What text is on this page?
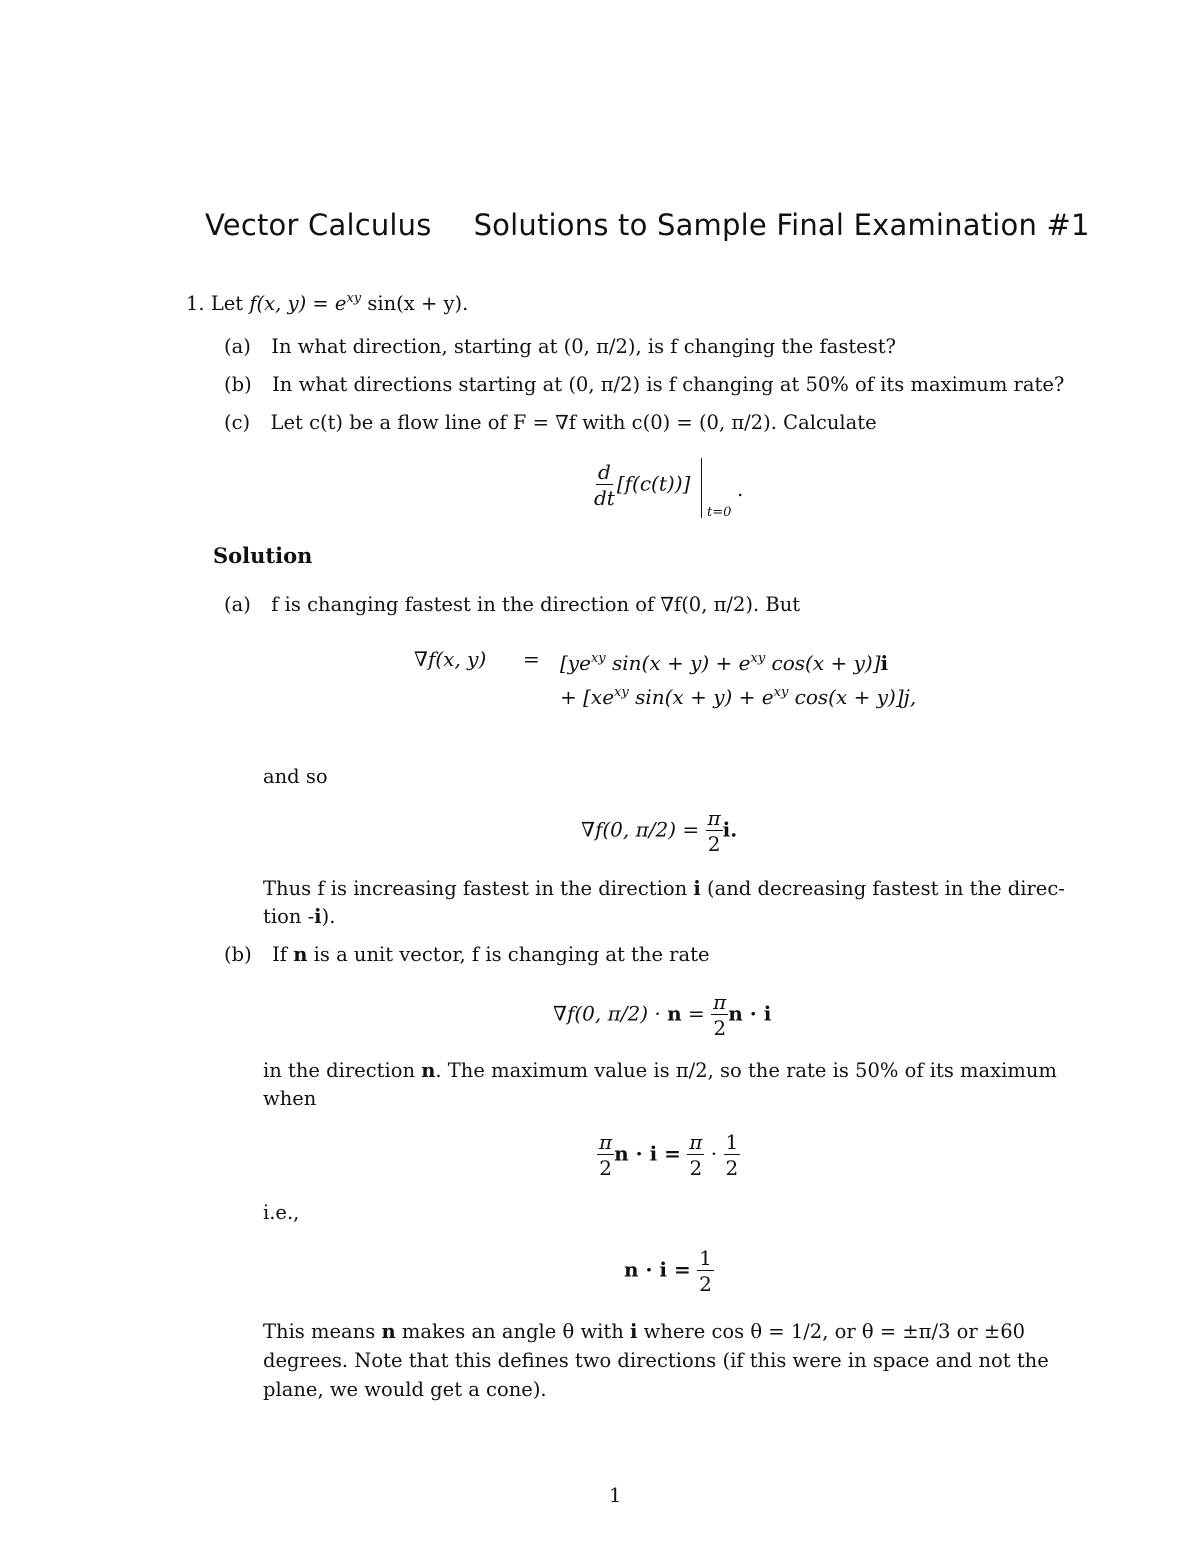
Vector Calculus Solutions to Sample Final Examination #1
1. Let f(x, $y) = e^{xy}$ sin(x + y).
(a) In what direction, starting at (0, π/2), is f changing the fastest?
(b) In what directions starting at (0, π/2) is f changing at 50% of its maximum rate?
(c) Let c(t) be a flow line of F = ∇f with c(0) = (0, π/2). Calculate
$\frac{d}{dt} [f(c(t))]$
t=0
.
Solution
(a) f is changing fastest in the direction of ∇f(0, π/2). But
∇f(x, $y) = [ye^{xy}$ $\sin(x + y) + e^{xy}$ cos(x + y)]i
+ [$xe^{xy}$ $\sin(x + y) + e^{xy}$ cos(x + y)]j,
and so
∇f(0, $\pi/2) = \frac{\pi}{2} i$.
Thus f is increasing fastest in the direction i (and decreasing fastest in the direc-
tion -i).
(b) If n is a unit vector, f is changing at the rate
∇f(0, $\pi/2) \cdot n = \frac{\pi}{2}$ n · i
in the direction n. The maximum value is π/2, so the rate is 50% of its maximum
when
$\frac{\pi}{2}$ $n \cdot i = \frac{\pi}{2} \cdot \frac{1}{2}$
i.e.,
$n \cdot i = \frac{1}{2}$
This means n makes an angle θ with i where cos θ = 1/2, or θ = ±π/3 or ±60
degrees. Note that this defines two directions (if this were in space and not the
plane, we would get a cone).
1
